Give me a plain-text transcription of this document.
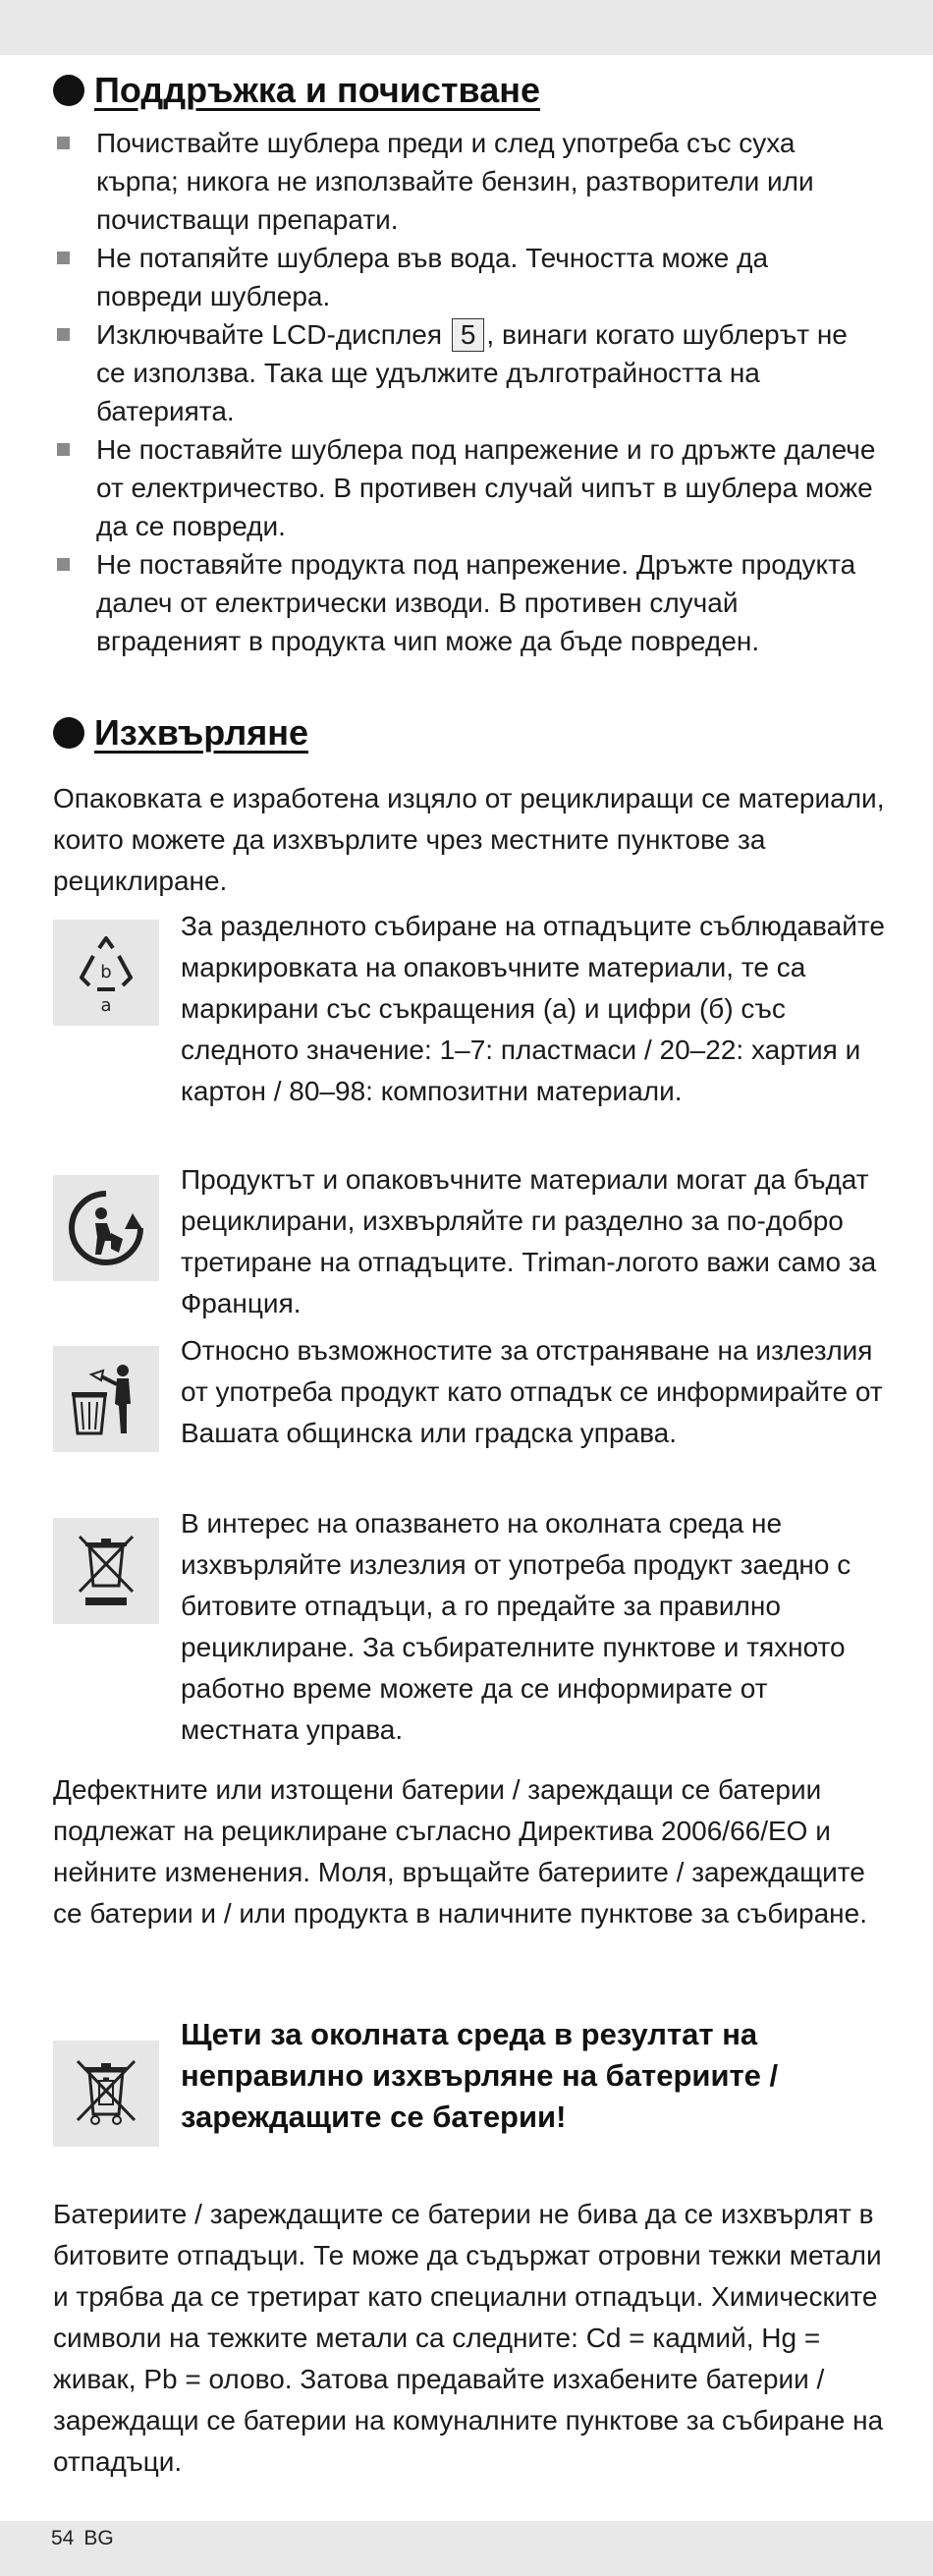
Поддръжка и почистване
Почиствайте шублера преди и след употреба със суха кърпа; никога не използвайте бензин, разтворители или почистващи препарати.
Не потапяйте шублера във вода. Течността може да повреди шублера.
Изключвайте LCD-дисплея 5 , винаги когато шублерът не се използва. Така ще удължите дълготрайността на батерията.
Не поставяйте шублера под напрежение и го дръжте далече от електричество. В противен случай чипът в шублера може да се повреди.
Не поставяйте продукта под напрежение. Дръжте продукта далеч от електрически изводи. В противен случай вграденият в продукта чип може да бъде повреден.
Изхвърляне

Опаковката е изработена изцяло от рециклиращи се материали, които можете да изхвърлите чрез местните пунктове за рециклиране.

b
a

За разделното събиране на отпадъците съблюдавайте маркировката на опаковъчните материали, те са маркирани със съкращения (a) и цифри (б) със следното значение: 1–7: пластмаси / 20–22: хартия и картон / 80–98: композитни материали.

Продуктът и опаковъчните материали могат да бъдат рециклирани, изхвърляйте ги разделно за по-добро третиране на отпадъците. Triman-логото важи само за Франция.

Относно възможностите за отстраняване на излезлия от употреба продукт като отпадък се информирайте от Вашата общинска или градска управа.

В интерес на опазването на околната среда не изхвърляйте излезлия от употреба продукт заедно с битовите отпадъци, а го предайте за правилно рециклиране. За събирателните пунктове и тяхното работно време можете да се информирате от местната управа.

Дефектните или изтощени батерии / зареждащи се батерии подлежат на рециклиране съгласно Директива 2006/66/EО и нейните изменения. Моля, връщайте батериите / зареждащите се батерии и / или продукта в наличните пунктове за събиране.

Щети за околната среда в резултат на неправилно изхвърляне на батериите / зареждащите се батерии!

Батериите / зареждащите се батерии не бива да се изхвърлят в битовите отпадъци. Те може да съдържат отровни тежки метали и трябва да се третират като специални отпадъци. Химическите символи на тежките метали са следните: Cd = кадмий, Hg = живак, Pb = олово. Затова предавайте изхабените батерии / зареждащи се батерии на комуналните пунктове за събиране на отпадъци.

54 BG
